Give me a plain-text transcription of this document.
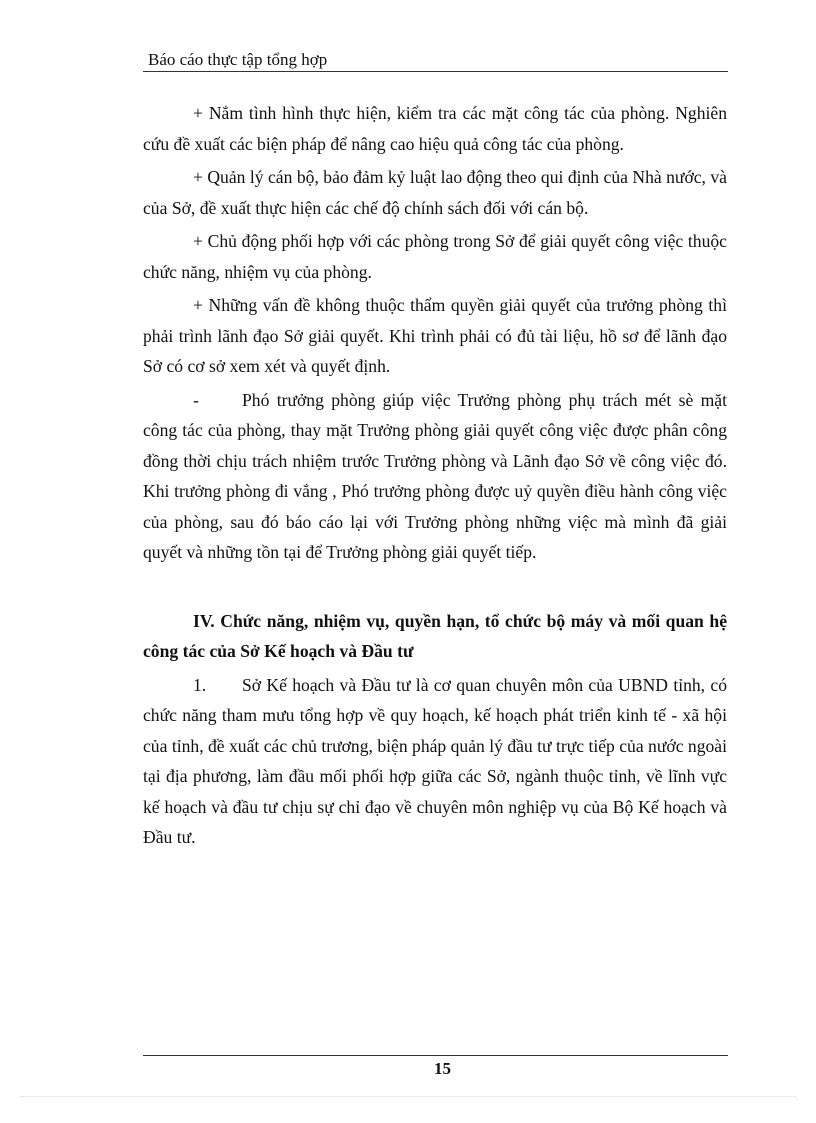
Báo cáo thực tập tổng hợp

+ Nắm tình hình thực hiện, kiểm tra các mặt công tác của phòng. Nghiên cứu đề xuất các biện pháp để nâng cao hiệu quả công tác của phòng.

+ Quản lý cán bộ, bảo đảm kỷ luật lao động theo qui định của Nhà nước, và của Sở, đề xuất thực hiện các chế độ chính sách đối với cán bộ.

+ Chủ động phối hợp với các phòng trong Sở để giải quyết công việc thuộc chức năng, nhiệm vụ của phòng.

+ Những vấn đề không thuộc thẩm quyền giải quyết của trưởng phòng thì phải trình lãnh đạo Sở giải quyết. Khi trình phải có đủ tài liệu, hồ sơ để lãnh đạo Sở có cơ sở xem xét và quyết định.

- Phó trưởng phòng giúp việc Trưởng phòng phụ trách mét sè mặt công tác của phòng, thay mặt Trưởng phòng giải quyết công việc được phân công đồng thời chịu trách nhiệm trước Trưởng phòng và Lãnh đạo Sở về công việc đó. Khi trưởng phòng đi vắng , Phó trưởng phòng được uỷ quyền điều hành công việc của phòng, sau đó báo cáo lại với Trưởng phòng những việc mà mình đã giải quyết và những tồn tại để Trưởng phòng giải quyết tiếp.

IV. Chức năng, nhiệm vụ, quyền hạn, tổ chức bộ máy và mối quan hệ công tác của Sở Kế hoạch và Đầu tư

1. Sở Kế hoạch và Đầu tư là cơ quan chuyên môn của UBND tỉnh, có chức năng tham mưu tổng hợp về quy hoạch, kế hoạch phát triển kinh tế - xã hội của tỉnh, đề xuất các chủ trương, biện pháp quản lý đầu tư trực tiếp của nước ngoài tại địa phương, làm đầu mối phối hợp giữa các Sở, ngành thuộc tỉnh, về lĩnh vực kế hoạch và đầu tư chịu sự chỉ đạo về chuyên môn nghiệp vụ của Bộ Kế hoạch và Đầu tư.

15
